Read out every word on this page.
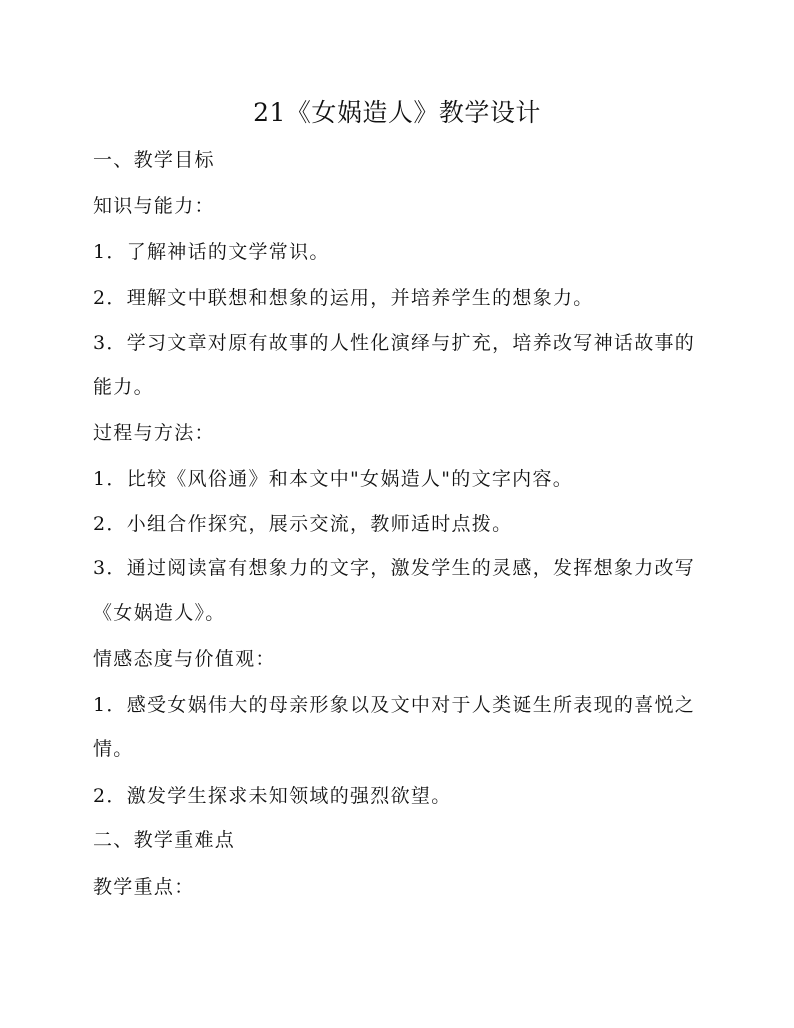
21《女娲造人》教学设计
一、教学目标
知识与能力：
1．了解神话的文学常识。
2．理解文中联想和想象的运用，并培养学生的想象力。
3．学习文章对原有故事的人性化演绎与扩充，培养改写神话故事的
能力。
过程与方法：
1．比较《风俗通》和本文中"女娲造人"的文字内容。
2．小组合作探究，展示交流，教师适时点拨。
3．通过阅读富有想象力的文字，激发学生的灵感，发挥想象力改写
《女娲造人》。
情感态度与价值观：
1．感受女娲伟大的母亲形象以及文中对于人类诞生所表现的喜悦之
情。
2．激发学生探求未知领域的强烈欲望。
二、教学重难点
教学重点：
